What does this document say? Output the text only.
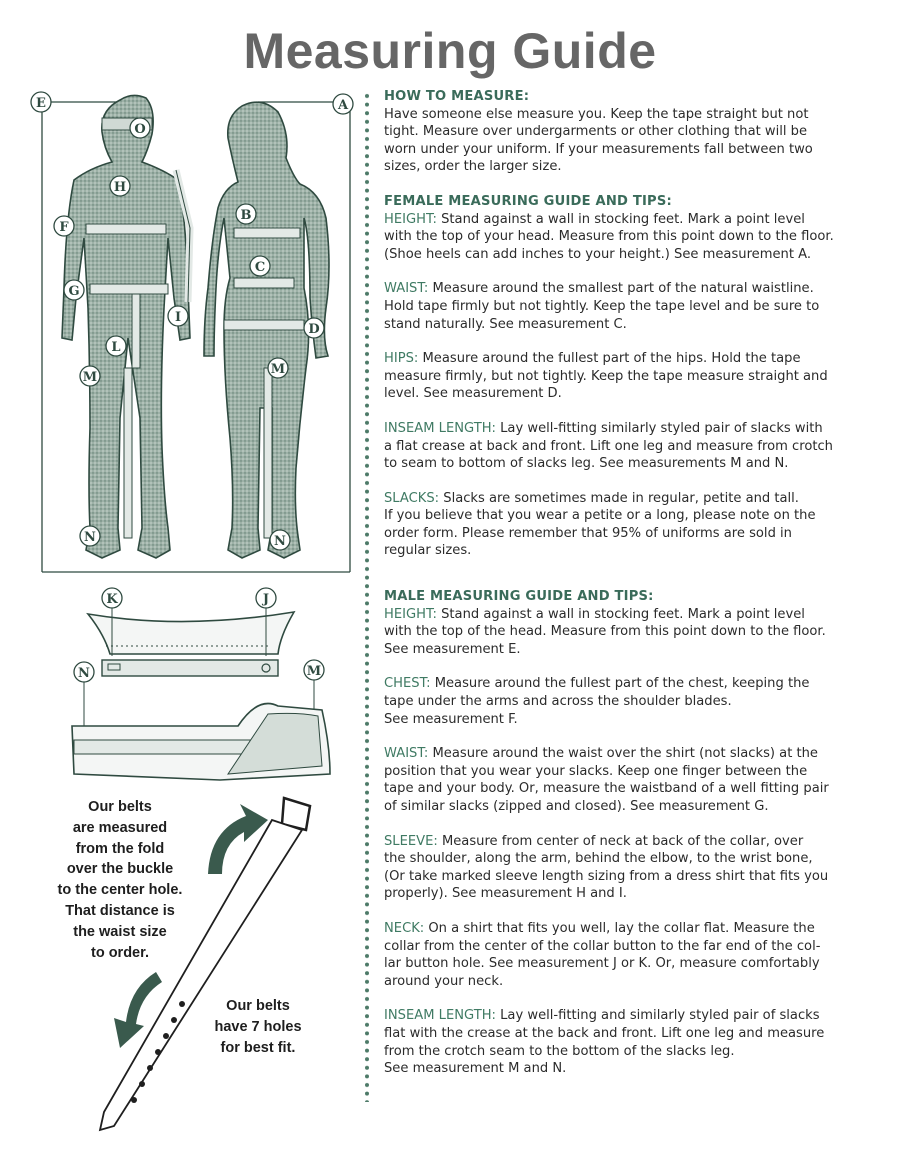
Measuring Guide
E	A
O
H
B
F
C
G
I
D
L
M
M
N	N
K	J
N	M
Our belts
are measured
from the fold
over the buckle
to the center hole.
That distance is
the waist size
to order.
Our belts
have 7 holes
for best fit.

HOW TO MEASURE:

Have someone else measure you. Keep the tape straight but not

tight. Measure over undergarments or other clothing that will be

worn under your uniform. If your measurements fall between two

sizes, order the larger size.

FEMALE MEASURING GUIDE AND TIPS:

HEIGHT: Stand against a wall in stocking feet. Mark a point level

with the top of your head. Measure from this point down to the floor.

(Shoe heels can add inches to your height.) See measurement A.

WAIST: Measure around the smallest part of the natural waistline.

Hold tape firmly but not tightly. Keep the tape level and be sure to

stand naturally. See measurement C.

HIPS: Measure around the fullest part of the hips. Hold the tape

measure firmly, but not tightly. Keep the tape measure straight and

level. See measurement D.

INSEAM LENGTH: Lay well-fitting similarly styled pair of slacks with

a flat crease at back and front. Lift one leg and measure from crotch

to seam to bottom of slacks leg. See measurements M and N.

SLACKS: Slacks are sometimes made in regular, petite and tall.

If you believe that you wear a petite or a long, please note on the

order form. Please remember that 95% of uniforms are sold in

regular sizes.

MALE MEASURING GUIDE AND TIPS:

HEIGHT: Stand against a wall in stocking feet. Mark a point level

with the top of the head. Measure from this point down to the floor.

See measurement E.

CHEST: Measure around the fullest part of the chest, keeping the

tape under the arms and across the shoulder blades.

See measurement F.

WAIST: Measure around the waist over the shirt (not slacks) at the

position that you wear your slacks. Keep one finger between the

tape and your body. Or, measure the waistband of a well fitting pair

of similar slacks (zipped and closed). See measurement G.

SLEEVE: Measure from center of neck at back of the collar, over

the shoulder, along the arm, behind the elbow, to the wrist bone,

(Or take marked sleeve length sizing from a dress shirt that fits you

properly). See measurement H and I.

NECK: On a shirt that fits you well, lay the collar flat. Measure the

collar from the center of the collar button to the far end of the col-

lar button hole. See measurement J or K. Or, measure comfortably

around your neck.

INSEAM LENGTH: Lay well-fitting and similarly styled pair of slacks

flat with the crease at the back and front. Lift one leg and measure

from the crotch seam to the bottom of the slacks leg.

See measurement M and N.
